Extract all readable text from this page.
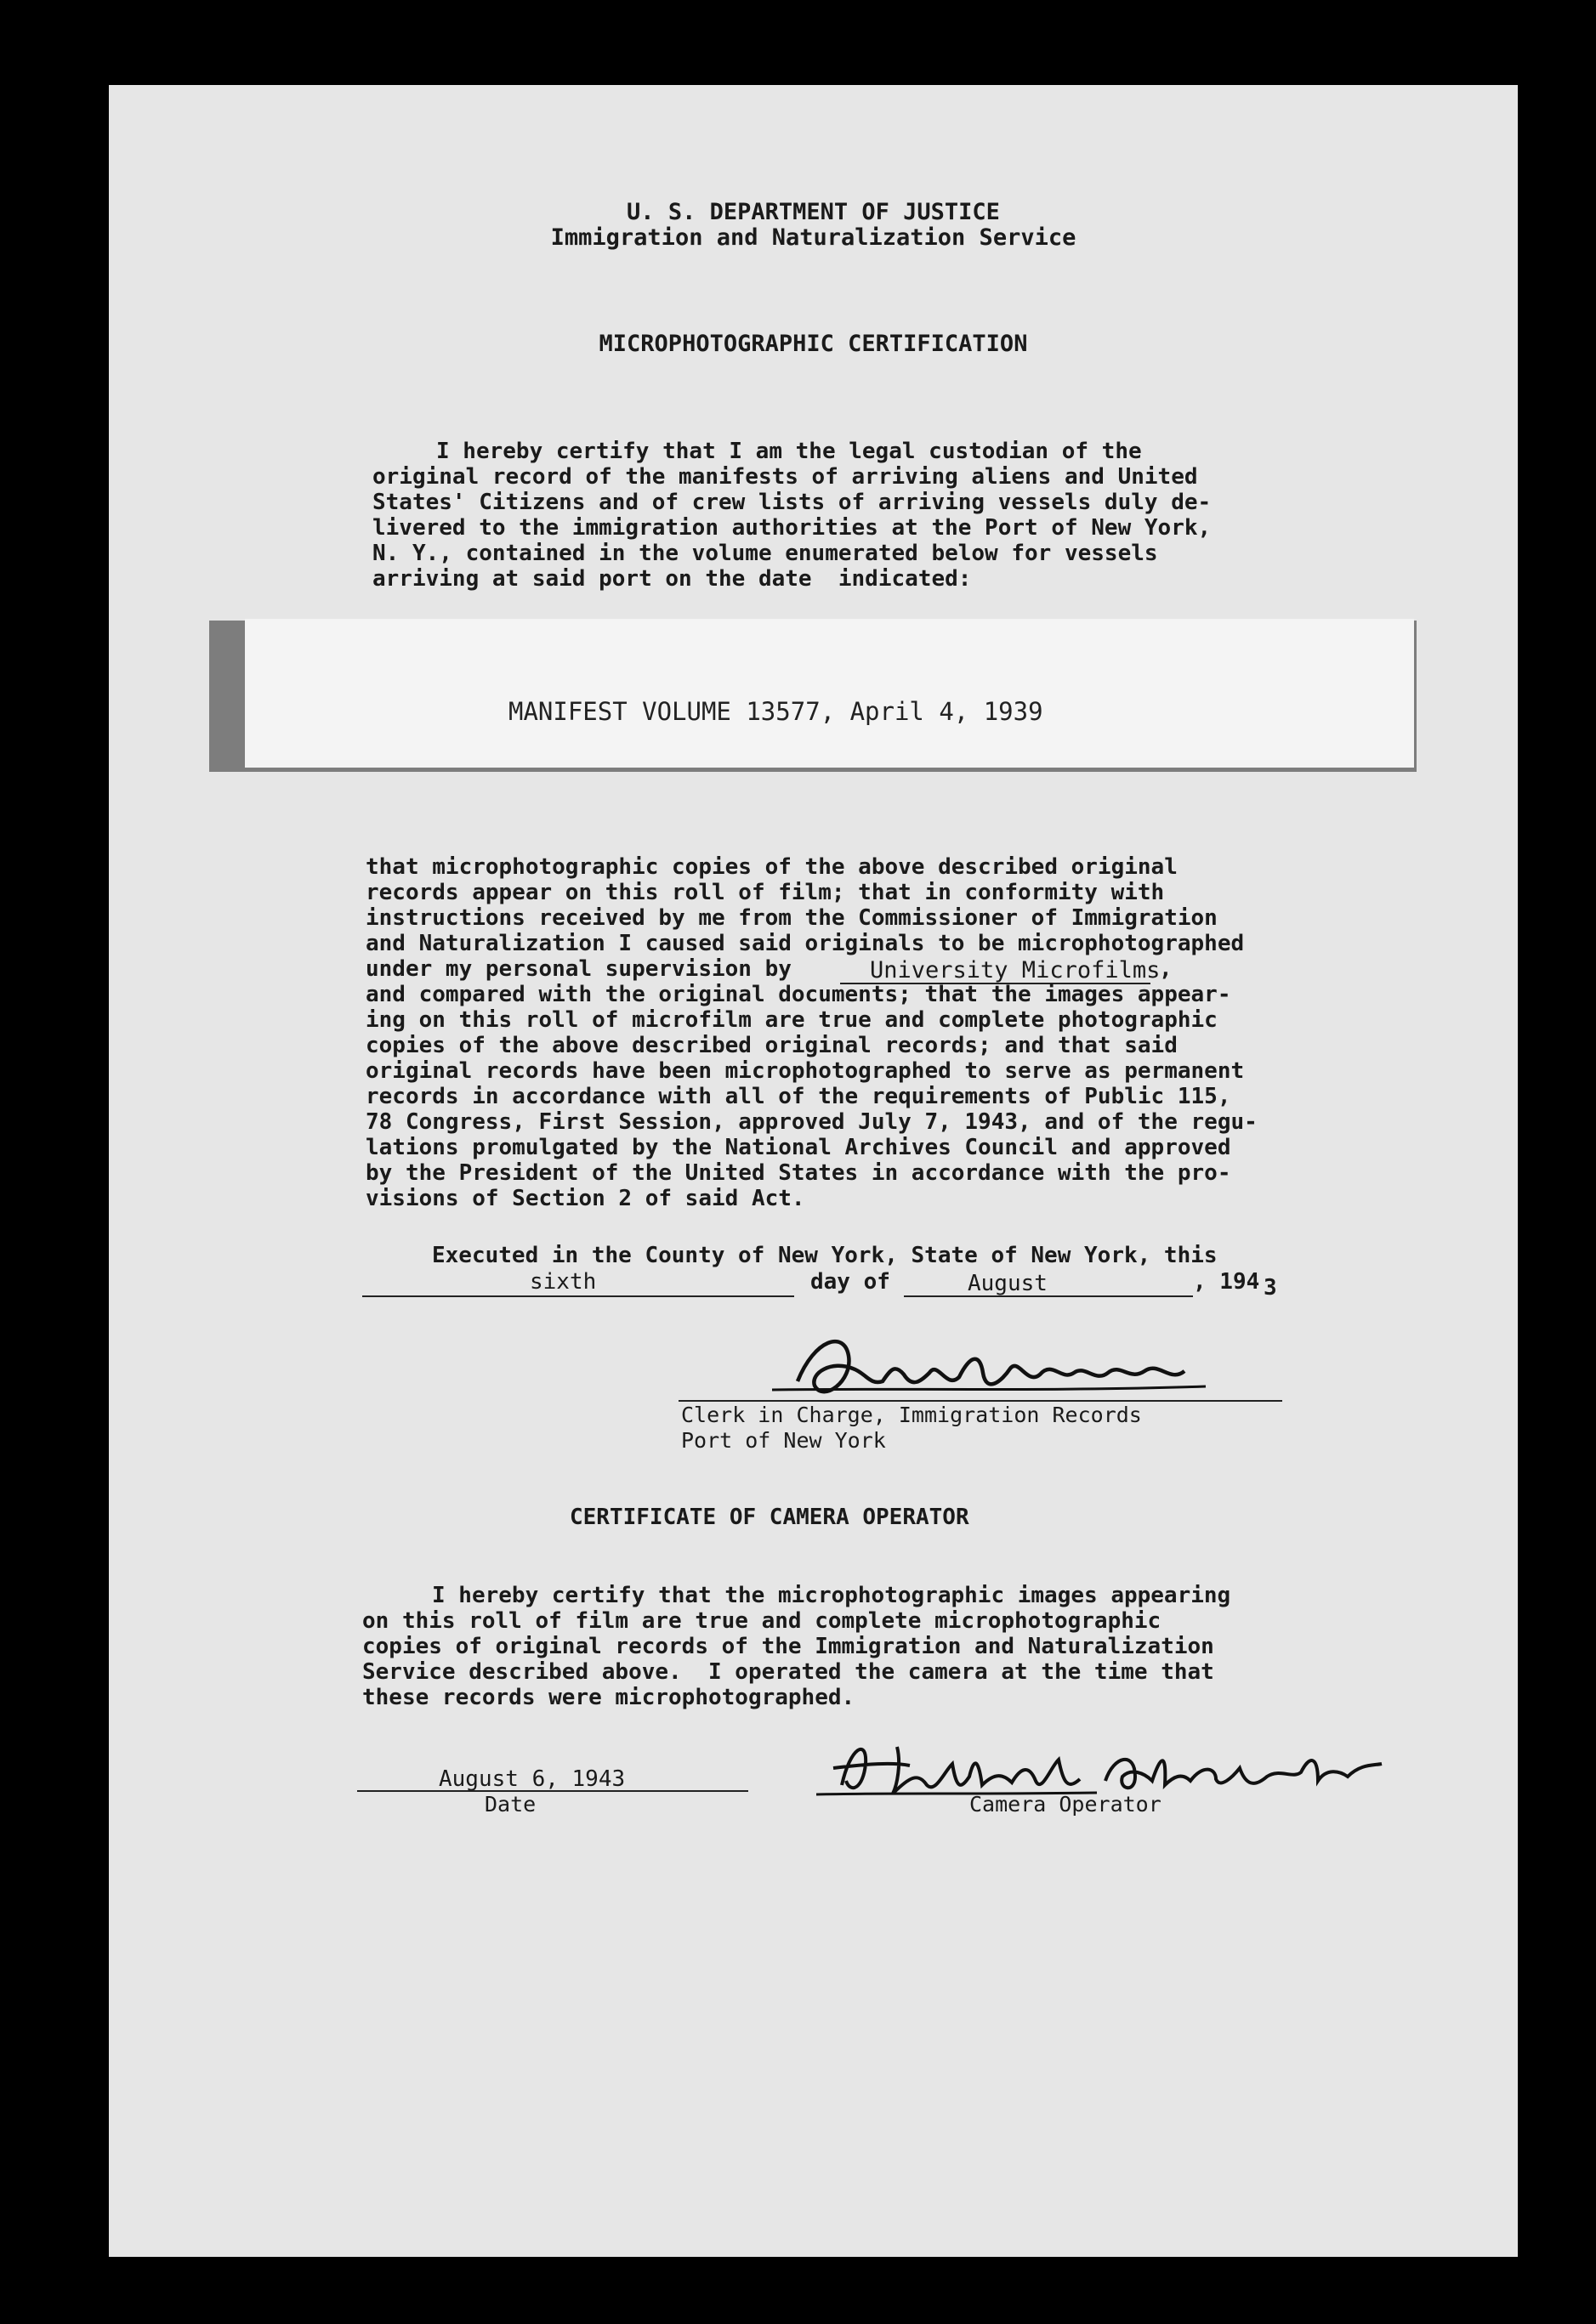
U. S. DEPARTMENT OF JUSTICE
Immigration and Naturalization Service
MICROPHOTOGRAPHIC CERTIFICATION
I hereby certify that I am the legal custodian of the
original record of the manifests of arriving aliens and United
States' Citizens and of crew lists of arriving vessels duly de-
livered to the immigration authorities at the Port of New York,
N. Y., contained in the volume enumerated below for vessels
arriving at said port on the date  indicated:
MANIFEST VOLUME 13577, April 4, 1939
that microphotographic copies of the above described original
records appear on this roll of film; that in conformity with
instructions received by me from the Commissioner of Immigration
and Naturalization I caused said originals to be microphotographed
under my personal supervision by	University Microfilms
,
and compared with the original documents; that the images appear-
ing on this roll of microfilm are true and complete photographic
copies of the above described original records; and that said
original records have been microphotographed to serve as permanent
records in accordance with all of the requirements of Public 115,
78 Congress, First Session, approved July 7, 1943, and of the regu-
lations promulgated by the National Archives Council and approved
by the President of the United States in accordance with the pro-
visions of Section 2 of said Act.
Executed in the County of New York, State of New York, this
sixth	day of	August	, 194 3
Clerk in Charge, Immigration Records
Port of New York
CERTIFICATE OF CAMERA OPERATOR
I hereby certify that the microphotographic images appearing
on this roll of film are true and complete microphotographic
copies of original records of the Immigration and Naturalization
Service described above.  I operated the camera at the time that
these records were microphotographed.
August 6, 1943
Date	Camera Operator
